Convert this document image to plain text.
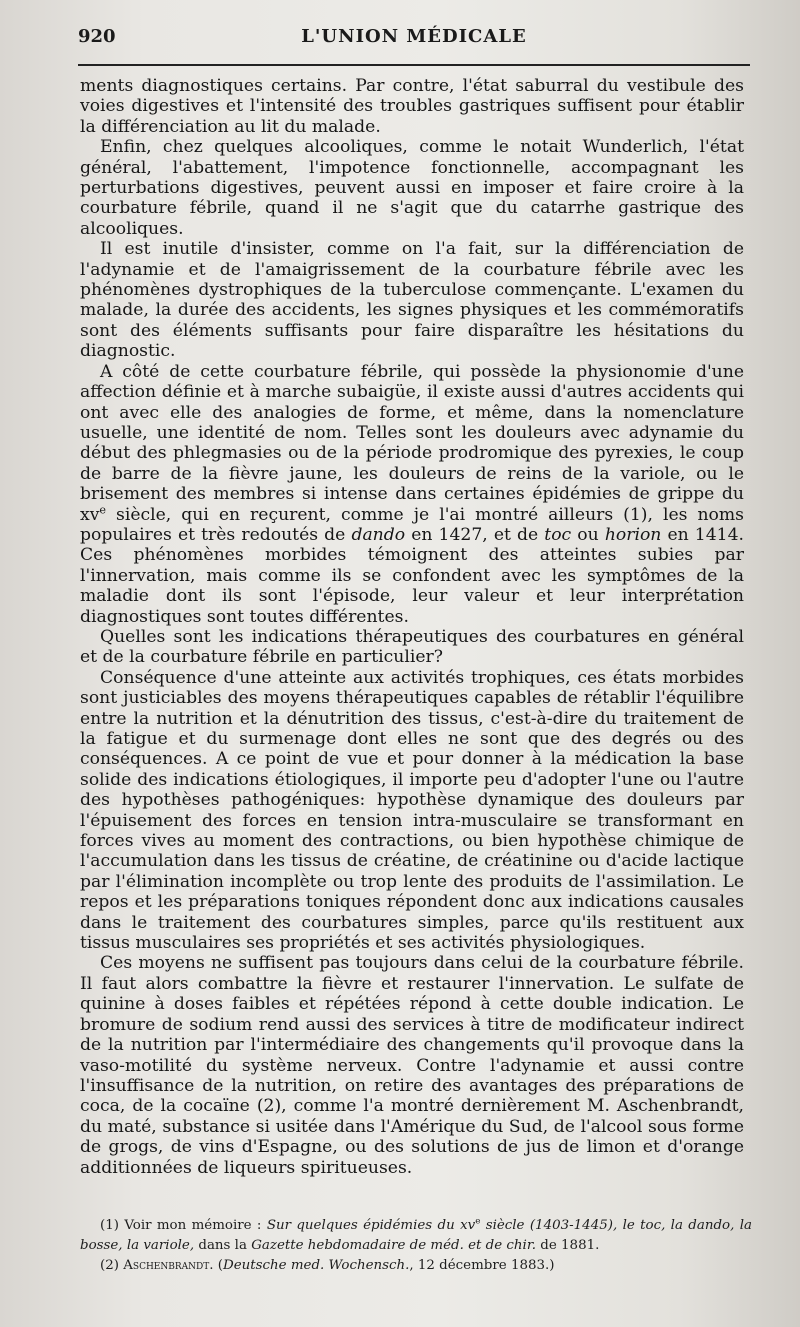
920	L'UNION MÉDICALE

ments diagnostiques certains. Par contre, l'état saburral du vestibule des voies digestives et l'intensité des troubles gastriques suffisent pour établir la différenciation au lit du malade.

Enfin, chez quelques alcooliques, comme le notait Wunderlich, l'état général, l'abattement, l'impotence fonctionnelle, accompagnant les perturbations digestives, peuvent aussi en imposer et faire croire à la courbature fébrile, quand il ne s'agit que du catarrhe gastrique des alcooliques.

Il est inutile d'insister, comme on l'a fait, sur la différenciation de l'adynamie et de l'amaigrissement de la courbature fébrile avec les phénomènes dystrophiques de la tuberculose commençante. L'examen du malade, la durée des accidents, les signes physiques et les commémoratifs sont des éléments suffisants pour faire disparaître les hésitations du diagnostic.

A côté de cette courbature fébrile, qui possède la physionomie d'une affection définie et à marche subaigüe, il existe aussi d'autres accidents qui ont avec elle des analogies de forme, et même, dans la nomenclature usuelle, une identité de nom. Telles sont les douleurs avec adynamie du début des phlegmasies ou de la période prodromique des pyrexies, le coup de barre de la fièvre jaune, les douleurs de reins de la variole, ou le brisement des membres si intense dans certaines épidémies de grippe du $xv^e$ siècle, qui en reçurent, comme je l'ai montré ailleurs (1), les noms populaires et très redoutés de dando en 1427, et de toc ou horion en 1414. Ces phénomènes morbides témoignent des atteintes subies par l'innervation, mais comme ils se confondent avec les symptômes de la maladie dont ils sont l'épisode, leur valeur et leur interprétation diagnostiques sont toutes différentes.

Quelles sont les indications thérapeutiques des courbatures en général et de la courbature fébrile en particulier?

Conséquence d'une atteinte aux activités trophiques, ces états morbides sont justiciables des moyens thérapeutiques capables de rétablir l'équilibre entre la nutrition et la dénutrition des tissus, c'est-à-dire du traitement de la fatigue et du surmenage dont elles ne sont que des degrés ou des conséquences. A ce point de vue et pour donner à la médication la base solide des indications étiologiques, il importe peu d'adopter l'une ou l'autre des hypothèses pathogéniques: hypothèse dynamique des douleurs par l'épuisement des forces en tension intra-musculaire se transformant en forces vives au moment des contractions, ou bien hypothèse chimique de l'accumulation dans les tissus de créatine, de créatinine ou d'acide lactique par l'élimination incomplète ou trop lente des produits de l'assimilation. Le repos et les préparations toniques répondent donc aux indications causales dans le traitement des courbatures simples, parce qu'ils restituent aux tissus musculaires ses propriétés et ses activités physiologiques.

Ces moyens ne suffisent pas toujours dans celui de la courbature fébrile. Il faut alors combattre la fièvre et restaurer l'innervation. Le sulfate de quinine à doses faibles et répétées répond à cette double indication. Le bromure de sodium rend aussi des services à titre de modificateur indirect de la nutrition par l'intermédiaire des changements qu'il provoque dans la vaso-motilité du système nerveux. Contre l'adynamie et aussi contre l'insuffisance de la nutrition, on retire des avantages des préparations de coca, de la cocaïne (2), comme l'a montré dernièrement M. Aschenbrandt, du maté, substance si usitée dans l'Amérique du Sud, de l'alcool sous forme de grogs, de vins d'Espagne, ou des solutions de jus de limon et d'orange additionnées de liqueurs spiritueuses.

(1) Voir mon mémoire : Sur quelques épidémies du $xv^e$ siècle (1403-1445), le toc, la dando, la bosse, la variole, dans la Gazette hebdomadaire de méd. et de chir. de 1881.

(2) Aschenbrandt. (Deutsche med. Wochensch., 12 décembre 1883.)
